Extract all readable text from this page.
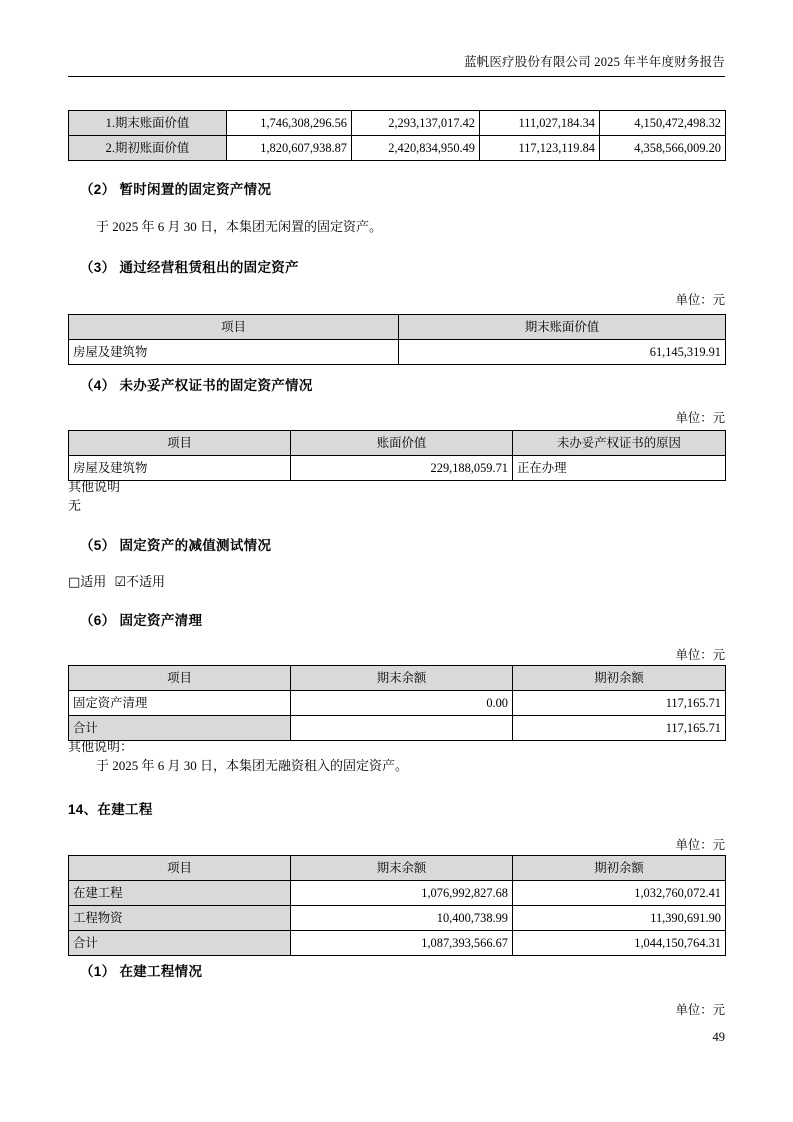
蓝帆医疗股份有限公司 2025 年半年度财务报告
1.期末账面价值	1,746,308,296.56	2,293,137,017.42	111,027,184.34	4,150,472,498.32
2.期初账面价值	1,820,607,938.87	2,420,834,950.49	117,123,119.84	4,358,566,009.20

（2） 暂时闲置的固定资产情况

于 2025 年 6 月 30 日，本集团无闲置的固定资产。

（3） 通过经营租赁租出的固定资产

单位：元

项目	期末账面价值
房屋及建筑物	61,145,319.91

（4） 未办妥产权证书的固定资产情况

单位：元

项目	账面价值	未办妥产权证书的原因
房屋及建筑物	229,188,059.71	正在办理

其他说明

无

（5） 固定资产的减值测试情况

□适用 ☑不适用

（6） 固定资产清理

单位：元

项目	期末余额	期初余额
固定资产清理	0.00	117,165.71
合计		117,165.71

其他说明：

于 2025 年 6 月 30 日，本集团无融资租入的固定资产。

14、在建工程

单位：元

项目	期末余额	期初余额
在建工程	1,076,992,827.68	1,032,760,072.41
工程物资	10,400,738.99	11,390,691.90
合计	1,087,393,566.67	1,044,150,764.31

（1） 在建工程情况

单位：元

49
